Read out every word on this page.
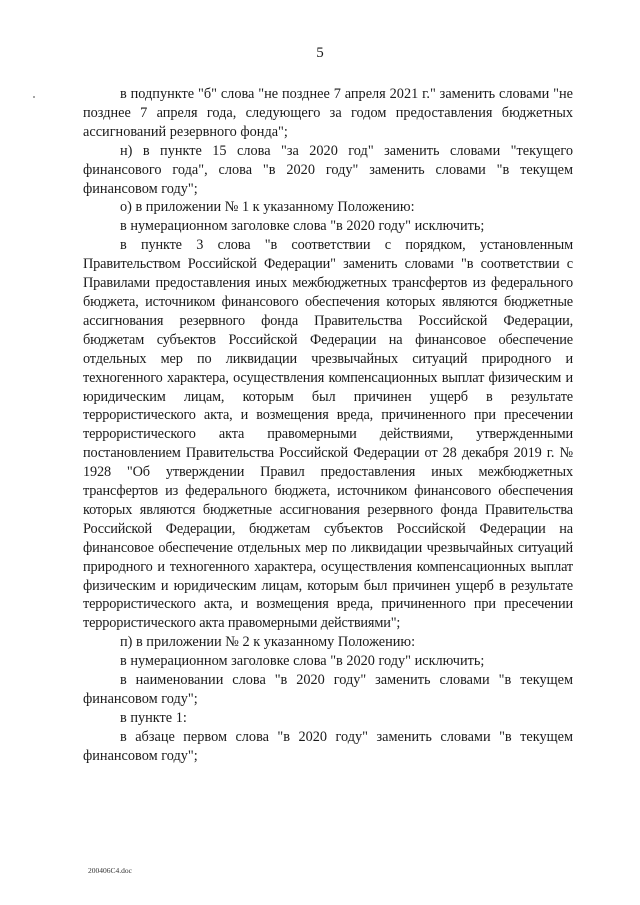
5

в подпункте "б" слова "не позднее 7 апреля 2021 г." заменить словами "не позднее 7 апреля года, следующего за годом предоставления бюджетных ассигнований резервного фонда";

н) в пункте 15 слова "за 2020 год" заменить словами "текущего финансового года", слова "в 2020 году" заменить словами "в текущем финансовом году";

о) в приложении № 1 к указанному Положению:

в нумерационном заголовке слова "в 2020 году" исключить;

в пункте 3 слова "в соответствии с порядком, установленным Правительством Российской Федерации" заменить словами "в соответствии с Правилами предоставления иных межбюджетных трансфертов из федерального бюджета, источником финансового обеспечения которых являются бюджетные ассигнования резервного фонда Правительства Российской Федерации, бюджетам субъектов Российской Федерации на финансовое обеспечение отдельных мер по ликвидации чрезвычайных ситуаций природного и техногенного характера, осуществления компенсационных выплат физическим и юридическим лицам, которым был причинен ущерб в результате террористического акта, и возмещения вреда, причиненного при пресечении террористического акта правомерными действиями, утвержденными постановлением Правительства Российской Федерации от 28 декабря 2019 г. № 1928 "Об утверждении Правил предоставления иных межбюджетных трансфертов из федерального бюджета, источником финансового обеспечения которых являются бюджетные ассигнования резервного фонда Правительства Российской Федерации, бюджетам субъектов Российской Федерации на финансовое обеспечение отдельных мер по ликвидации чрезвычайных ситуаций природного и техногенного характера, осуществления компенсационных выплат физическим и юридическим лицам, которым был причинен ущерб в результате террористического акта, и возмещения вреда, причиненного при пресечении террористического акта правомерными действиями";

п) в приложении № 2 к указанному Положению:

в нумерационном заголовке слова "в 2020 году" исключить;

в наименовании слова "в 2020 году" заменить словами "в текущем финансовом году";

в пункте 1:

в абзаце первом слова "в 2020 году" заменить словами "в текущем финансовом году";

200406C4.doc
